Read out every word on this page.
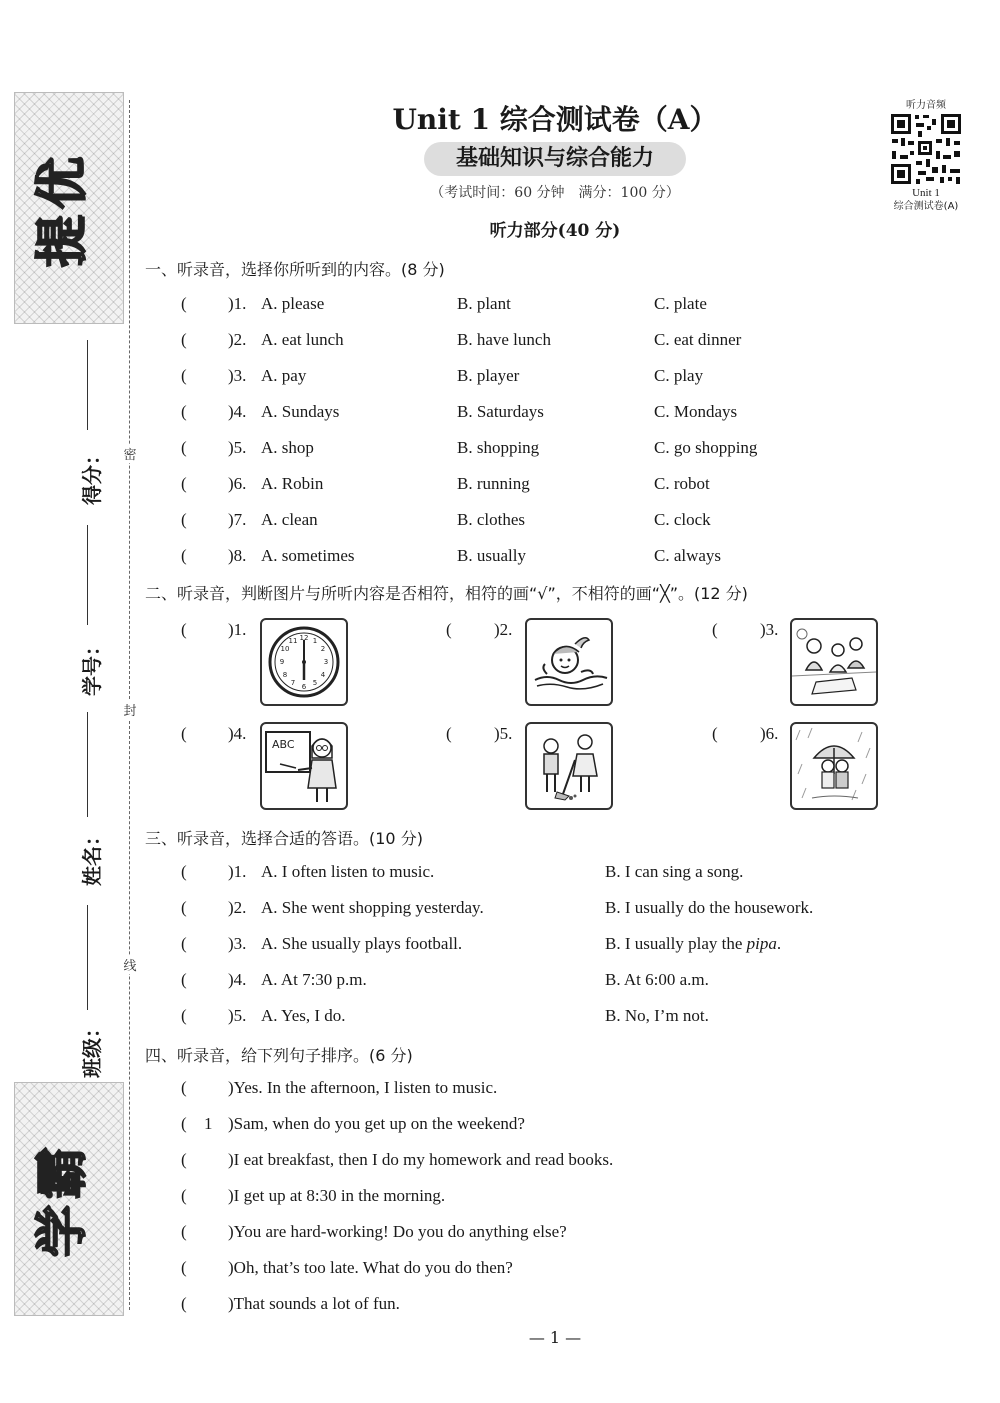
提优
学霸
得分：
学号：
姓名：
班级：
密
封
线
Unit 1 综合测试卷（A）
基础知识与综合能力
（考试时间：60 分钟　满分：100 分）
听力部分(40 分)
听力音频
Unit 1
综合测试卷(A)
一、听录音，选择你所听到的内容。(8 分)
( )1. A. please	B. plant	C. plate
( )2. A. eat lunch	B. have lunch	C. eat dinner
( )3. A. pay	B. player	C. play
( )4. A. Sundays	B. Saturdays	C. Mondays
( )5. A. shop	B. shopping	C. go shopping
( )6. A. Robin	B. running	C. robot
( )7. A. clean	B. clothes	C. clock
( )8. A. sometimes	B. usually	C. always
二、听录音，判断图片与所听内容是否相符，相符的画“√”，不相符的画“╳”。(12 分)
( )1.	12 1
2
3
4
5
6
7
8
9
10
11
( )2.	( )3.
( )4.
ABC
( )5.	( )6.
三、听录音，选择合适的答语。(10 分)
( )1. A. I often listen to music.	B. I can sing a song.
( )2. A. She went shopping yesterday.	B. I usually do the housework.
( )3. A. She usually plays football.	B. I usually play the pipa.
( )4. A. At 7:30 p.m.	B. At 6:00 a.m.
( )5. A. Yes, I do.	B. No, I’m not.
四、听录音，给下列句子排序。(6 分)
( )Yes. In the afternoon, I listen to music.
( 1 )Sam, when do you get up on the weekend?
( )I eat breakfast, then I do my homework and read books.
( )I get up at 8:30 in the morning.
( )You are hard-working! Do you do anything else?
( )Oh, that’s too late. What do you do then?
( )That sounds a lot of fun.
— 1 —
